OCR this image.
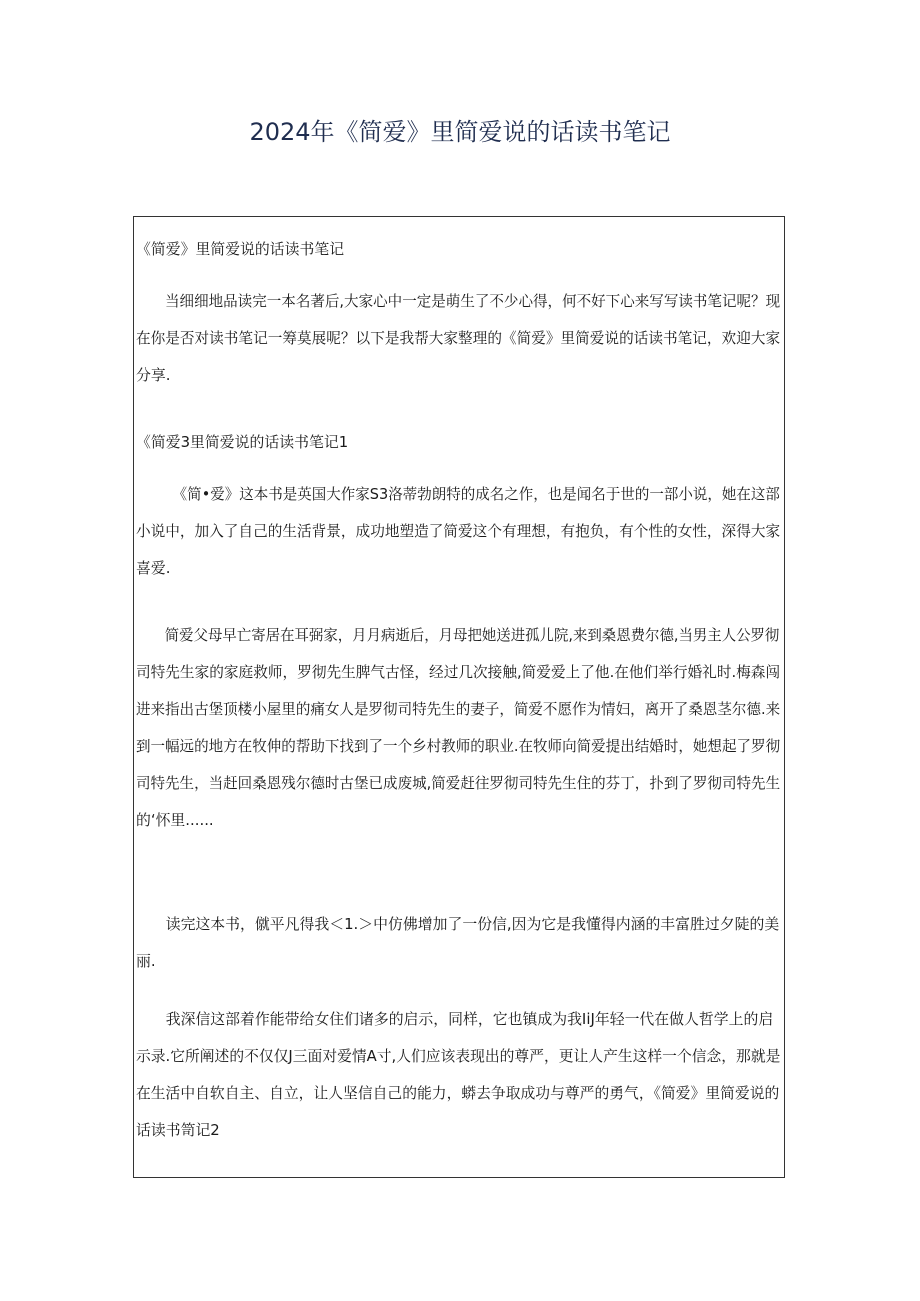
2024年《简爱》里简爱说的话读书笔记

《简爱》里简爱说的话读书笔记

当细细地品读完一本名著后,大家心中一定是萌生了不少心得，何不好下心来写写读书笔记呢？现
在你是否对读书笔记一筹莫展呢？以下是我帮大家整理的《简爱》里简爱说的话读书笔记，欢迎大家
分享.

《简爱3里简爱说的话读书笔记1

《简•爱》这本书是英国大作家S3洛蒂勃朗特的成名之作，也是闻名于世的一部小说，她在这部
小说中，加入了自己的生活背景，成功地塑造了简爱这个有理想，有抱负，有个性的女性，深得大家
喜爱.

简爱父母早亡寄居在耳弼家，月月病逝后，月母把她送进孤儿院,来到桑恩费尔德,当男主人公罗彻
司特先生家的家庭救师，罗彻先生脾气古怪，经过几次接触,简爱爱上了他.在他们举行婚礼时.梅森闯
进来指出古堡顶楼小屋里的痛女人是罗彻司特先生的妻子，简爱不愿作为情妇，离开了桑恩茎尔德.来
到一幅远的地方在牧伸的帮助下找到了一个乡村教师的职业.在牧师向简爱提出结婚时，她想起了罗彻
司特先生，当赶回桑恩残尔德时古堡已成废城,简爱赶往罗彻司特先生住的芬丁，扑到了罗彻司特先生
的‘怀里......

读完这本书，僦平凡得我＜1.＞中仿佛增加了一份信,因为它是我懂得内涵的丰富胜过夕陡的美
丽.

我深信这部着作能带给女住们诸多的启示，同样，它也镇成为我IiJ年轻一代在做人哲学上的启
示录.它所阐述的不仅仅J三面对爱情A寸,人们应该表现出的尊严，更让人产生这样一个信念，那就是
在生活中自软自主、自立，让人坚信自己的能力，蟒去争取成功与尊严的勇气，《简爱》里简爱说的
话读书笥记2
